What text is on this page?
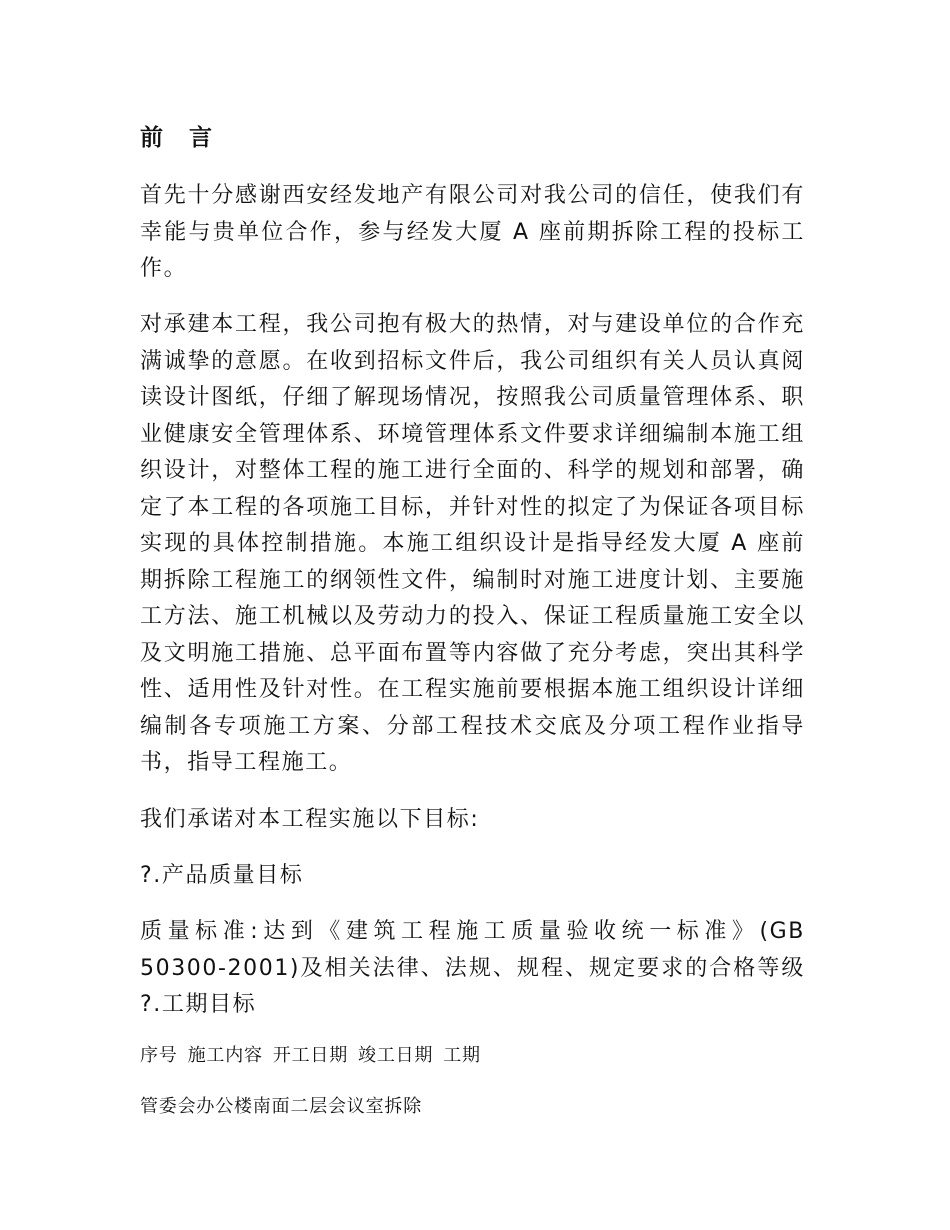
前 言

首先十分感谢西安经发地产有限公司对我公司的信任，使我们有幸能与贵单位合作，参与经发大厦 A 座前期拆除工程的投标工作。

对承建本工程，我公司抱有极大的热情，对与建设单位的合作充满诚挚的意愿。在收到招标文件后，我公司组织有关人员认真阅读设计图纸，仔细了解现场情况，按照我公司质量管理体系、职业健康安全管理体系、环境管理体系文件要求详细编制本施工组织设计，对整体工程的施工进行全面的、科学的规划和部署，确定了本工程的各项施工目标，并针对性的拟定了为保证各项目标实现的具体控制措施。本施工组织设计是指导经发大厦 A 座前期拆除工程施工的纲领性文件，编制时对施工进度计划、主要施工方法、施工机械以及劳动力的投入、保证工程质量施工安全以及文明施工措施、总平面布置等内容做了充分考虑，突出其科学性、适用性及针对性。在工程实施前要根据本施工组织设计详细编制各专项施工方案、分部工程技术交底及分项工程作业指导书，指导工程施工。

我们承诺对本工程实施以下目标:

?.产品质量目标

质量标准:达到《建筑工程施工质量验收统一标准》(GB 50300-2001)及相关法律、法规、规程、规定要求的合格等级 ?.工期目标

序号 施工内容 开工日期 竣工日期 工期
管委会办公楼南面二层会议室拆除
